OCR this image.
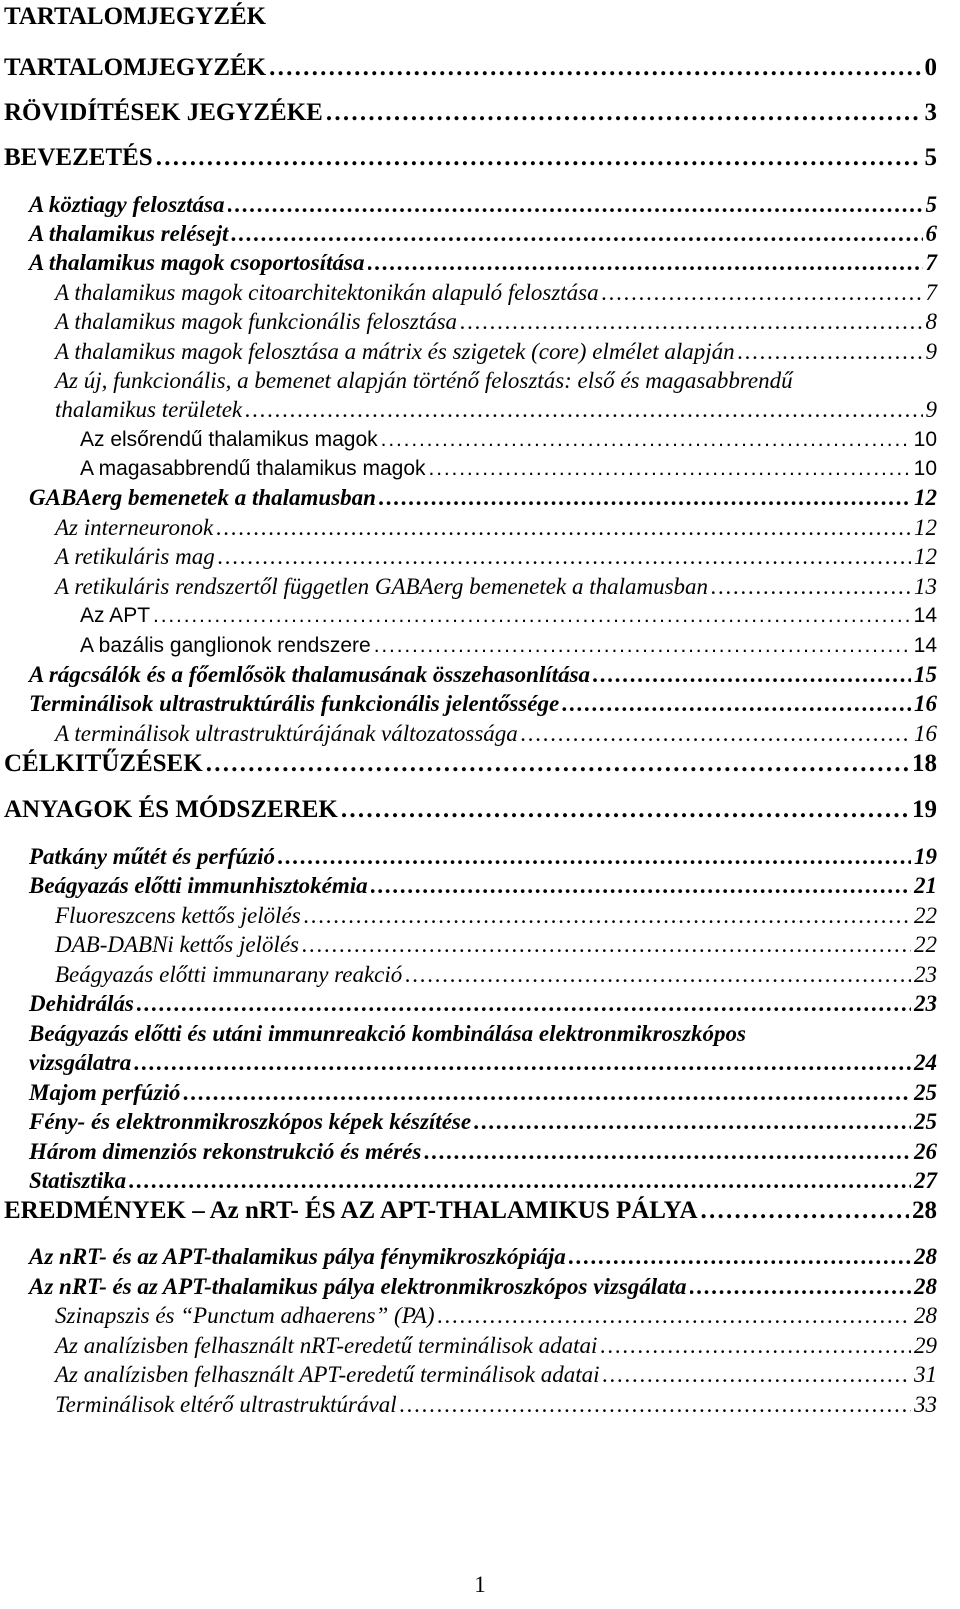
TARTALOMJEGYZÉK
TARTALOMJEGYZÉK . . .	0
RÖVIDÍTÉSEK JEGYZÉKE . . .	3
BEVEZETÉS . . .	5
A köztiagy felosztása . . .	5
A thalamikus relésejt . . .	6
A thalamikus magok csoportosítása . . .	7
A thalamikus magok citoarchitektonikán alapuló felosztása . . .	7
A thalamikus magok funkcionális felosztása . . .	8
A thalamikus magok felosztása a mátrix és szigetek (core) elmélet alapján . . .	9
Az új, funkcionális, a bemenet alapján történő felosztás: első és magasabbrendű
thalamikus területek . . .	9
Az elsőrendű thalamikus magok . . .	10
A magasabbrendű thalamikus magok . . .	10
GABAerg bemenetek a thalamusban . . .	12
Az interneuronok . . .	12
A retikuláris mag . . .	12
A retikuláris rendszertől független GABAerg bemenetek a thalamusban . . .	13
Az APT . . .	14
A bazális ganglionok rendszere . . .	14
A rágcsálók és a főemlősök thalamusának összehasonlítása . . .	15
Terminálisok ultrastruktúrális funkcionális jelentőssége . . .	16
A terminálisok ultrastruktúrájának változatossága . . .	16
CÉLKITŰZÉSEK . . .	18
ANYAGOK ÉS MÓDSZEREK . . .	19
Patkány műtét és perfúzió . . .	19
Beágyazás előtti immunhisztokémia . . .	21
Fluoreszcens kettős jelölés . . .	22
DAB-DABNi kettős jelölés . . .	22
Beágyazás előtti immunarany reakció . . .	23
Dehidrálás . . .	23
Beágyazás előtti és utáni immunreakció kombinálása elektronmikroszkópos
vizsgálatra . . .	24
Majom perfúzió . . .	25
Fény- és elektronmikroszkópos képek készítése . . .	25
Három dimenziós rekonstrukció és mérés . . .	26
Statisztika . . .	27
EREDMÉNYEK – Az nRT- ÉS AZ APT-THALAMIKUS PÁLYA . . .	28
Az nRT- és az APT-thalamikus pálya fénymikroszkópiája . . .	28
Az nRT- és az APT-thalamikus pálya elektronmikroszkópos vizsgálata . . .	28
Szinapszis és “Punctum adhaerens” (PA) . . .	28
Az analízisben felhasznált nRT-eredetű terminálisok adatai . . .	29
Az analízisben felhasznált APT-eredetű terminálisok adatai . . .	31
Terminálisok eltérő ultrastruktúrával . . .	33
1
